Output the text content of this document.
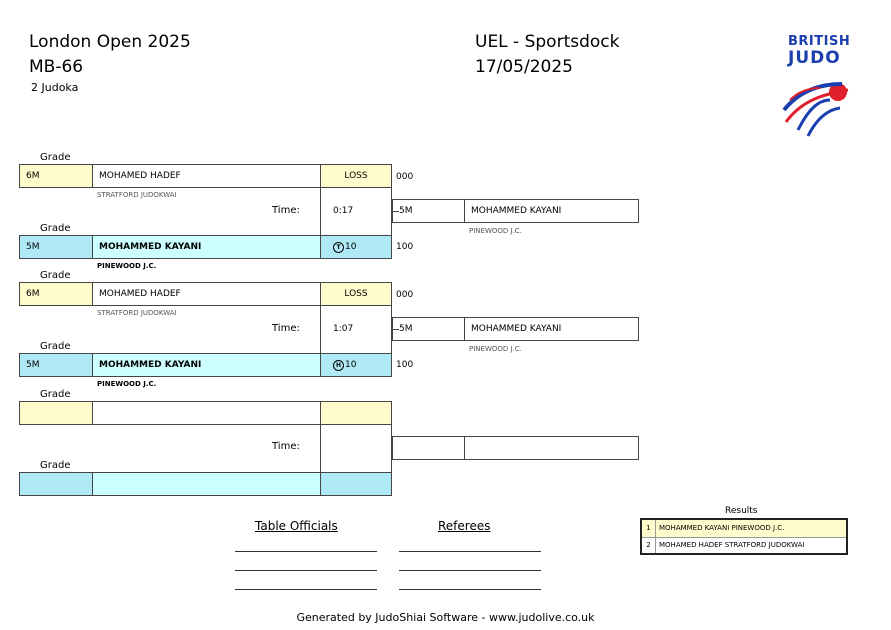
London Open 2025
MB-66
2 Judoka
UEL - Sportsdock
17/05/2025
BRITISH
JUDO
Grade
6M	MOHAMED HADEF	LOSS	000
STRATFORD JUDOKWAI
Time:	0:17	5M	MOHAMMED KAYANI
PINEWOOD J.C.
Grade
5M	MOHAMMED KAYANI	T 10	100
PINEWOOD J.C.
Grade
6M	MOHAMED HADEF	LOSS	000
STRATFORD JUDOKWAI
Time:	1:07	5M	MOHAMMED KAYANI
PINEWOOD J.C.
Grade
5M	MOHAMMED KAYANI	H 10	100
PINEWOOD J.C.
Grade
Time:
Grade
Table Officials	Referees
Results
1	MOHAMMED KAYANI PINEWOOD J.C.
2	MOHAMED HADEF STRATFORD JUDOKWAI
Generated by JudoShiai Software - www.judolive.co.uk
